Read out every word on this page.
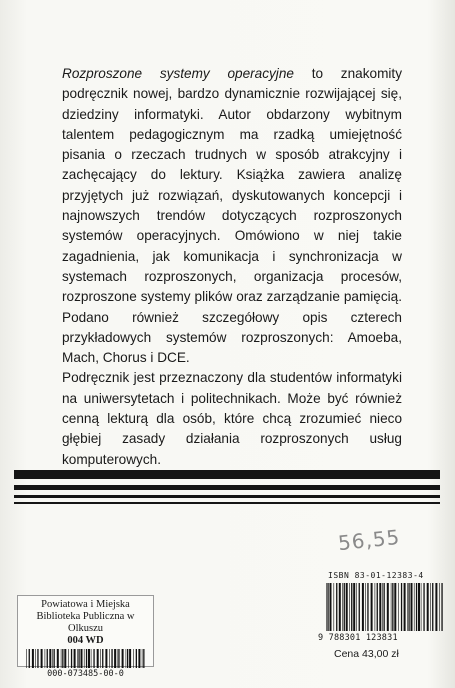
Rozproszone systemy operacyjne to znakomity podręcznik nowej, bardzo dynamicznie rozwijającej się, dziedziny informatyki. Autor obdarzony wybitnym talentem pedagogicznym ma rzadką umiejętność pisania o rzeczach trudnych w sposób atrakcyjny i zachęcający do lektury. Książka zawiera analizę przyjętych już rozwiązań, dyskutowanych koncepcji i najnowszych trendów dotyczących rozproszonych systemów operacyjnych. Omówiono w niej takie zagadnienia, jak komunikacja i synchronizacja w systemach rozproszonych, organizacja procesów, rozproszone systemy plików oraz zarządzanie pamięcią. Podano również szczegółowy opis czterech przykładowych systemów rozproszonych: Amoeba, Mach, Chorus i DCE.

Podręcznik jest przeznaczony dla studentów informatyki na uniwersytetach i politechnikach. Może być również cenną lekturą dla osób, które chcą zrozumieć nieco głębiej zasady działania rozproszonych usług komputerowych.

56,55
ISBN 83-01-12383-4
9 788301 123831
Cena 43,00 zł
Powiatowa i Miejska
Biblioteka Publiczna w Olkuszu
004 WD
000-073485-00-0
